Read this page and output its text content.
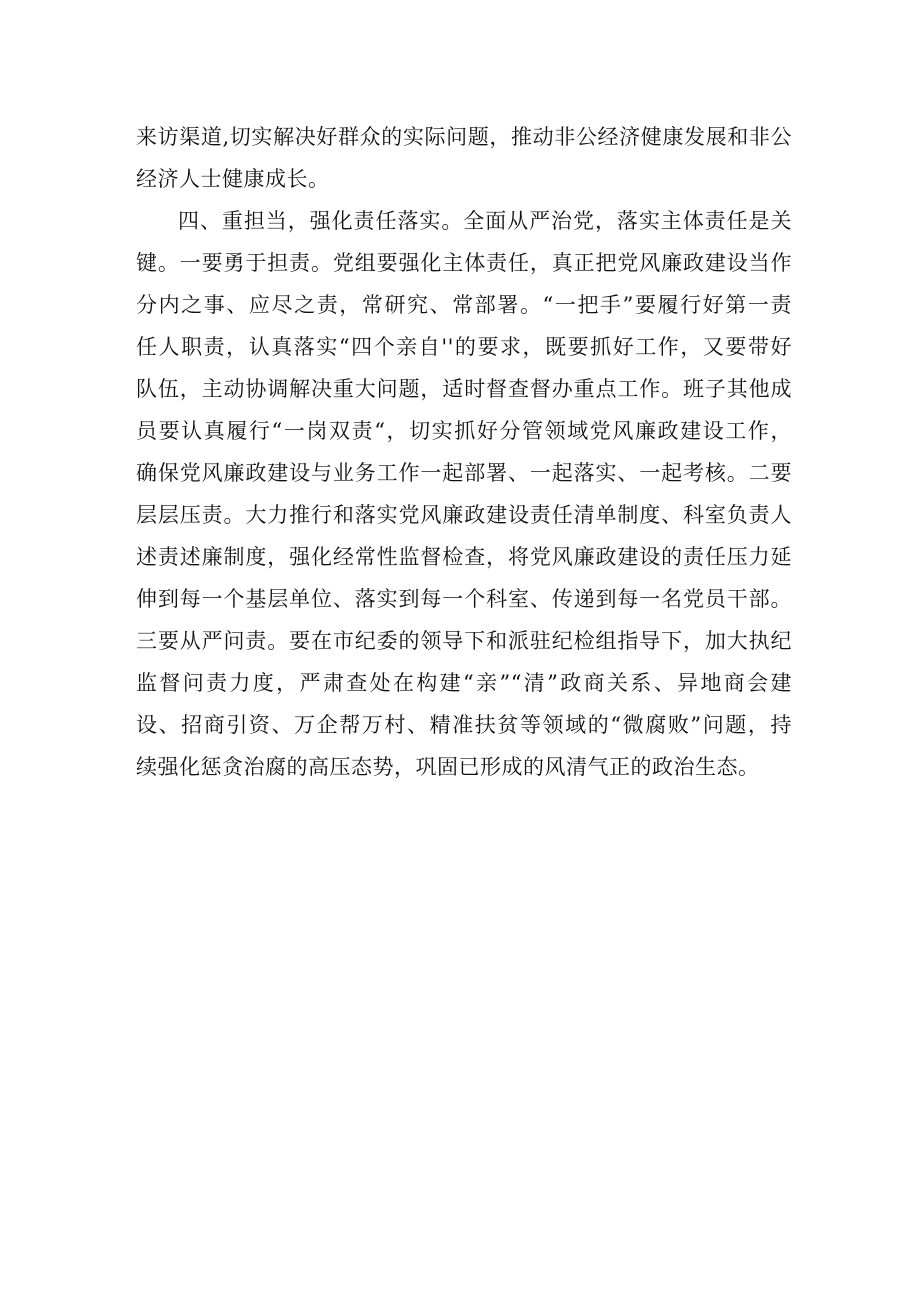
来访渠道,切实解决好群众的实际问题，推动非公经济健康发展和非公
经济人士健康成长。
四、重担当，强化责任落实。全面从严治党，落实主体责任是关
键。一要勇于担责。党组要强化主体责任，真正把党风廉政建设当作
分内之事、应尽之责，常研究、常部署。“一把手”要履行好第一责
任人职责，认真落实“四个亲自''的要求，既要抓好工作，又要带好
队伍，主动协调解决重大问题，适时督查督办重点工作。班子其他成
员要认真履行“一岗双责“，切实抓好分管领域党风廉政建设工作，
确保党风廉政建设与业务工作一起部署、一起落实、一起考核。二要
层层压责。大力推行和落实党风廉政建设责任清单制度、科室负责人
述责述廉制度，强化经常性监督检查，将党风廉政建设的责任压力延
伸到每一个基层单位、落实到每一个科室、传递到每一名党员干部。
三要从严问责。要在市纪委的领导下和派驻纪检组指导下，加大执纪
监督问责力度，严肃查处在构建“亲”“清”政商关系、异地商会建
设、招商引资、万企帮万村、精准扶贫等领域的“微腐败”问题，持
续强化惩贪治腐的高压态势，巩固已形成的风清气正的政治生态。
